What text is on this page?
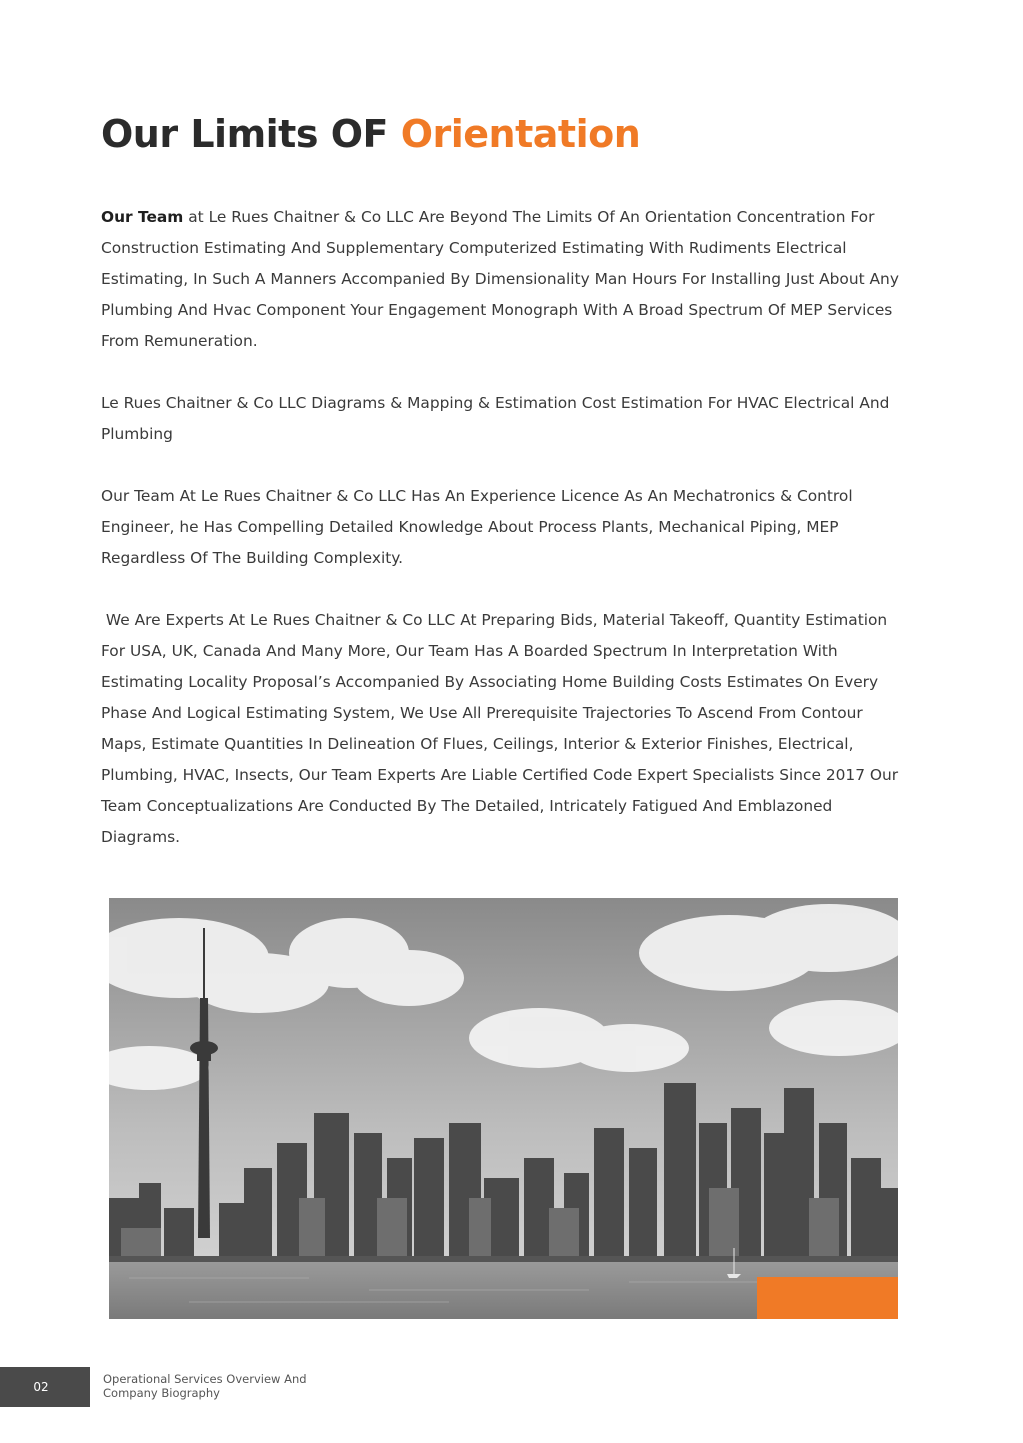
Our Limits OF Orientation

Our Team at Le Rues Chaitner & Co LLC Are Beyond The Limits Of An Orientation Concentration For Construction Estimating And Supplementary Computerized Estimating With Rudiments Electrical Estimating, In Such A Manners Accompanied By Dimensionality Man Hours For Installing Just About Any Plumbing And Hvac Component Your Engagement Monograph With A Broad Spectrum Of MEP Services From Remuneration.

Le Rues Chaitner & Co LLC Diagrams & Mapping & Estimation Cost Estimation For HVAC Electrical And Plumbing

Our Team At Le Rues Chaitner & Co LLC Has An Experience Licence As An Mechatronics & Control Engineer, he Has Compelling Detailed Knowledge About Process Plants, Mechanical Piping, MEP Regardless Of The Building Complexity.

We Are Experts At Le Rues Chaitner & Co LLC At Preparing Bids, Material Takeoff, Quantity Estimation For USA, UK, Canada And Many More, Our Team Has A Boarded Spectrum In Interpretation With Estimating Locality Proposal’s Accompanied By Associating Home Building Costs Estimates On Every Phase And Logical Estimating System, We Use All Prerequisite Trajectories To Ascend From Contour Maps, Estimate Quantities In Delineation Of Flues, Ceilings, Interior & Exterior Finishes, Electrical, Plumbing, HVAC, Insects, Our Team Experts Are Liable Certified Code Expert Specialists Since 2017 Our Team Conceptualizations Are Conducted By The Detailed, Intricately Fatigued And Emblazoned Diagrams.

02
Operational Services Overview And
Company Biography
